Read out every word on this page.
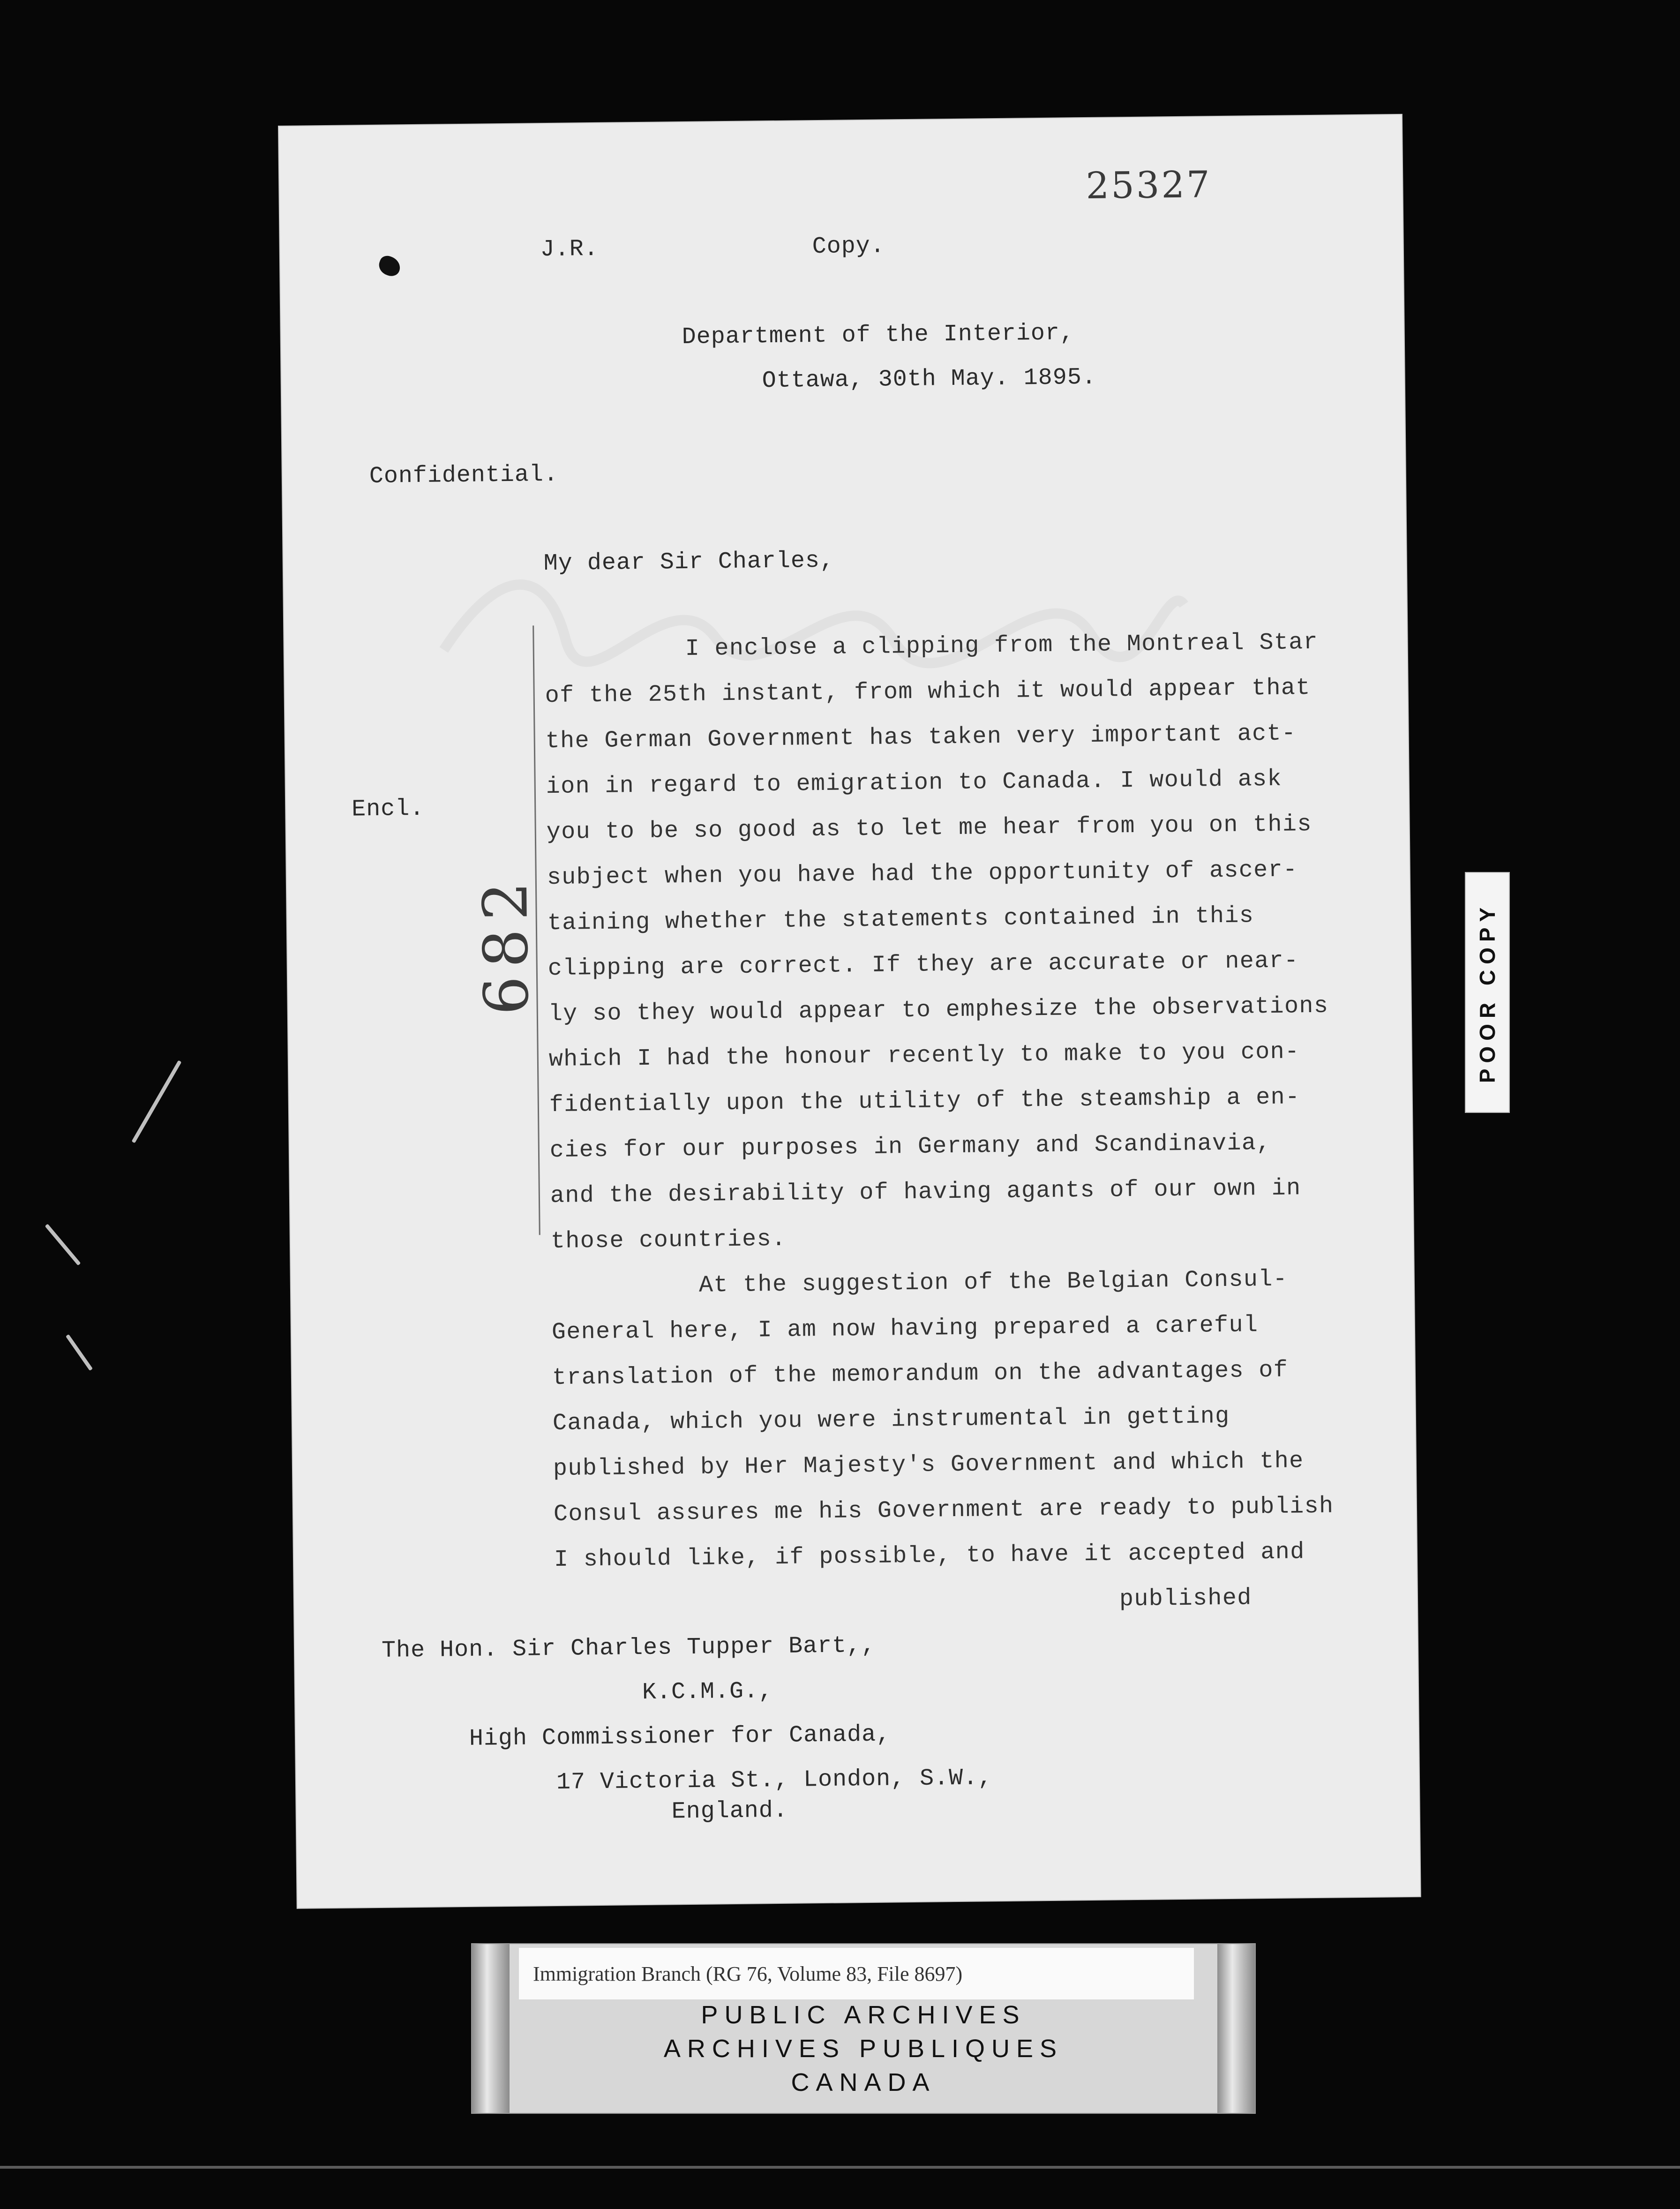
25327
J.R.	Copy.
Department of the Interior,
Ottawa, 30th May. 1895.
Confidential.
My dear Sir Charles,
Encl.
682
I enclose a clipping from the Montreal Star
of the 25th instant, from which it would appear that
the German Government has taken very important act-
ion in regard to emigration to Canada. I would ask
you to be so good as to let me hear from you on this
subject when you have had the opportunity of ascer-
taining whether the statements contained in this
clipping are correct. If they are accurate or near-
ly so they would appear to emphesize the observations
which I had the honour recently to make to you con-
fidentially upon the utility of the steamship a en-
cies for our purposes in Germany and Scandinavia,
and the desirability of having agants of our own in
those countries.
At the suggestion of the Belgian Consul-
General here, I am now having prepared a careful
translation of the memorandum on the advantages of
Canada, which you were instrumental in getting
published by Her Majesty's Government and which the
Consul assures me his Government are ready to publish
I should like, if possible, to have it accepted and
published
The Hon. Sir Charles Tupper Bart,,
K.C.M.G.,
High Commissioner for Canada,
17 Victoria St., London, S.W.,
England.
POOR COPY
Immigration Branch (RG 76, Volume 83, File 8697)
PUBLIC ARCHIVES
ARCHIVES PUBLIQUES
CANADA
